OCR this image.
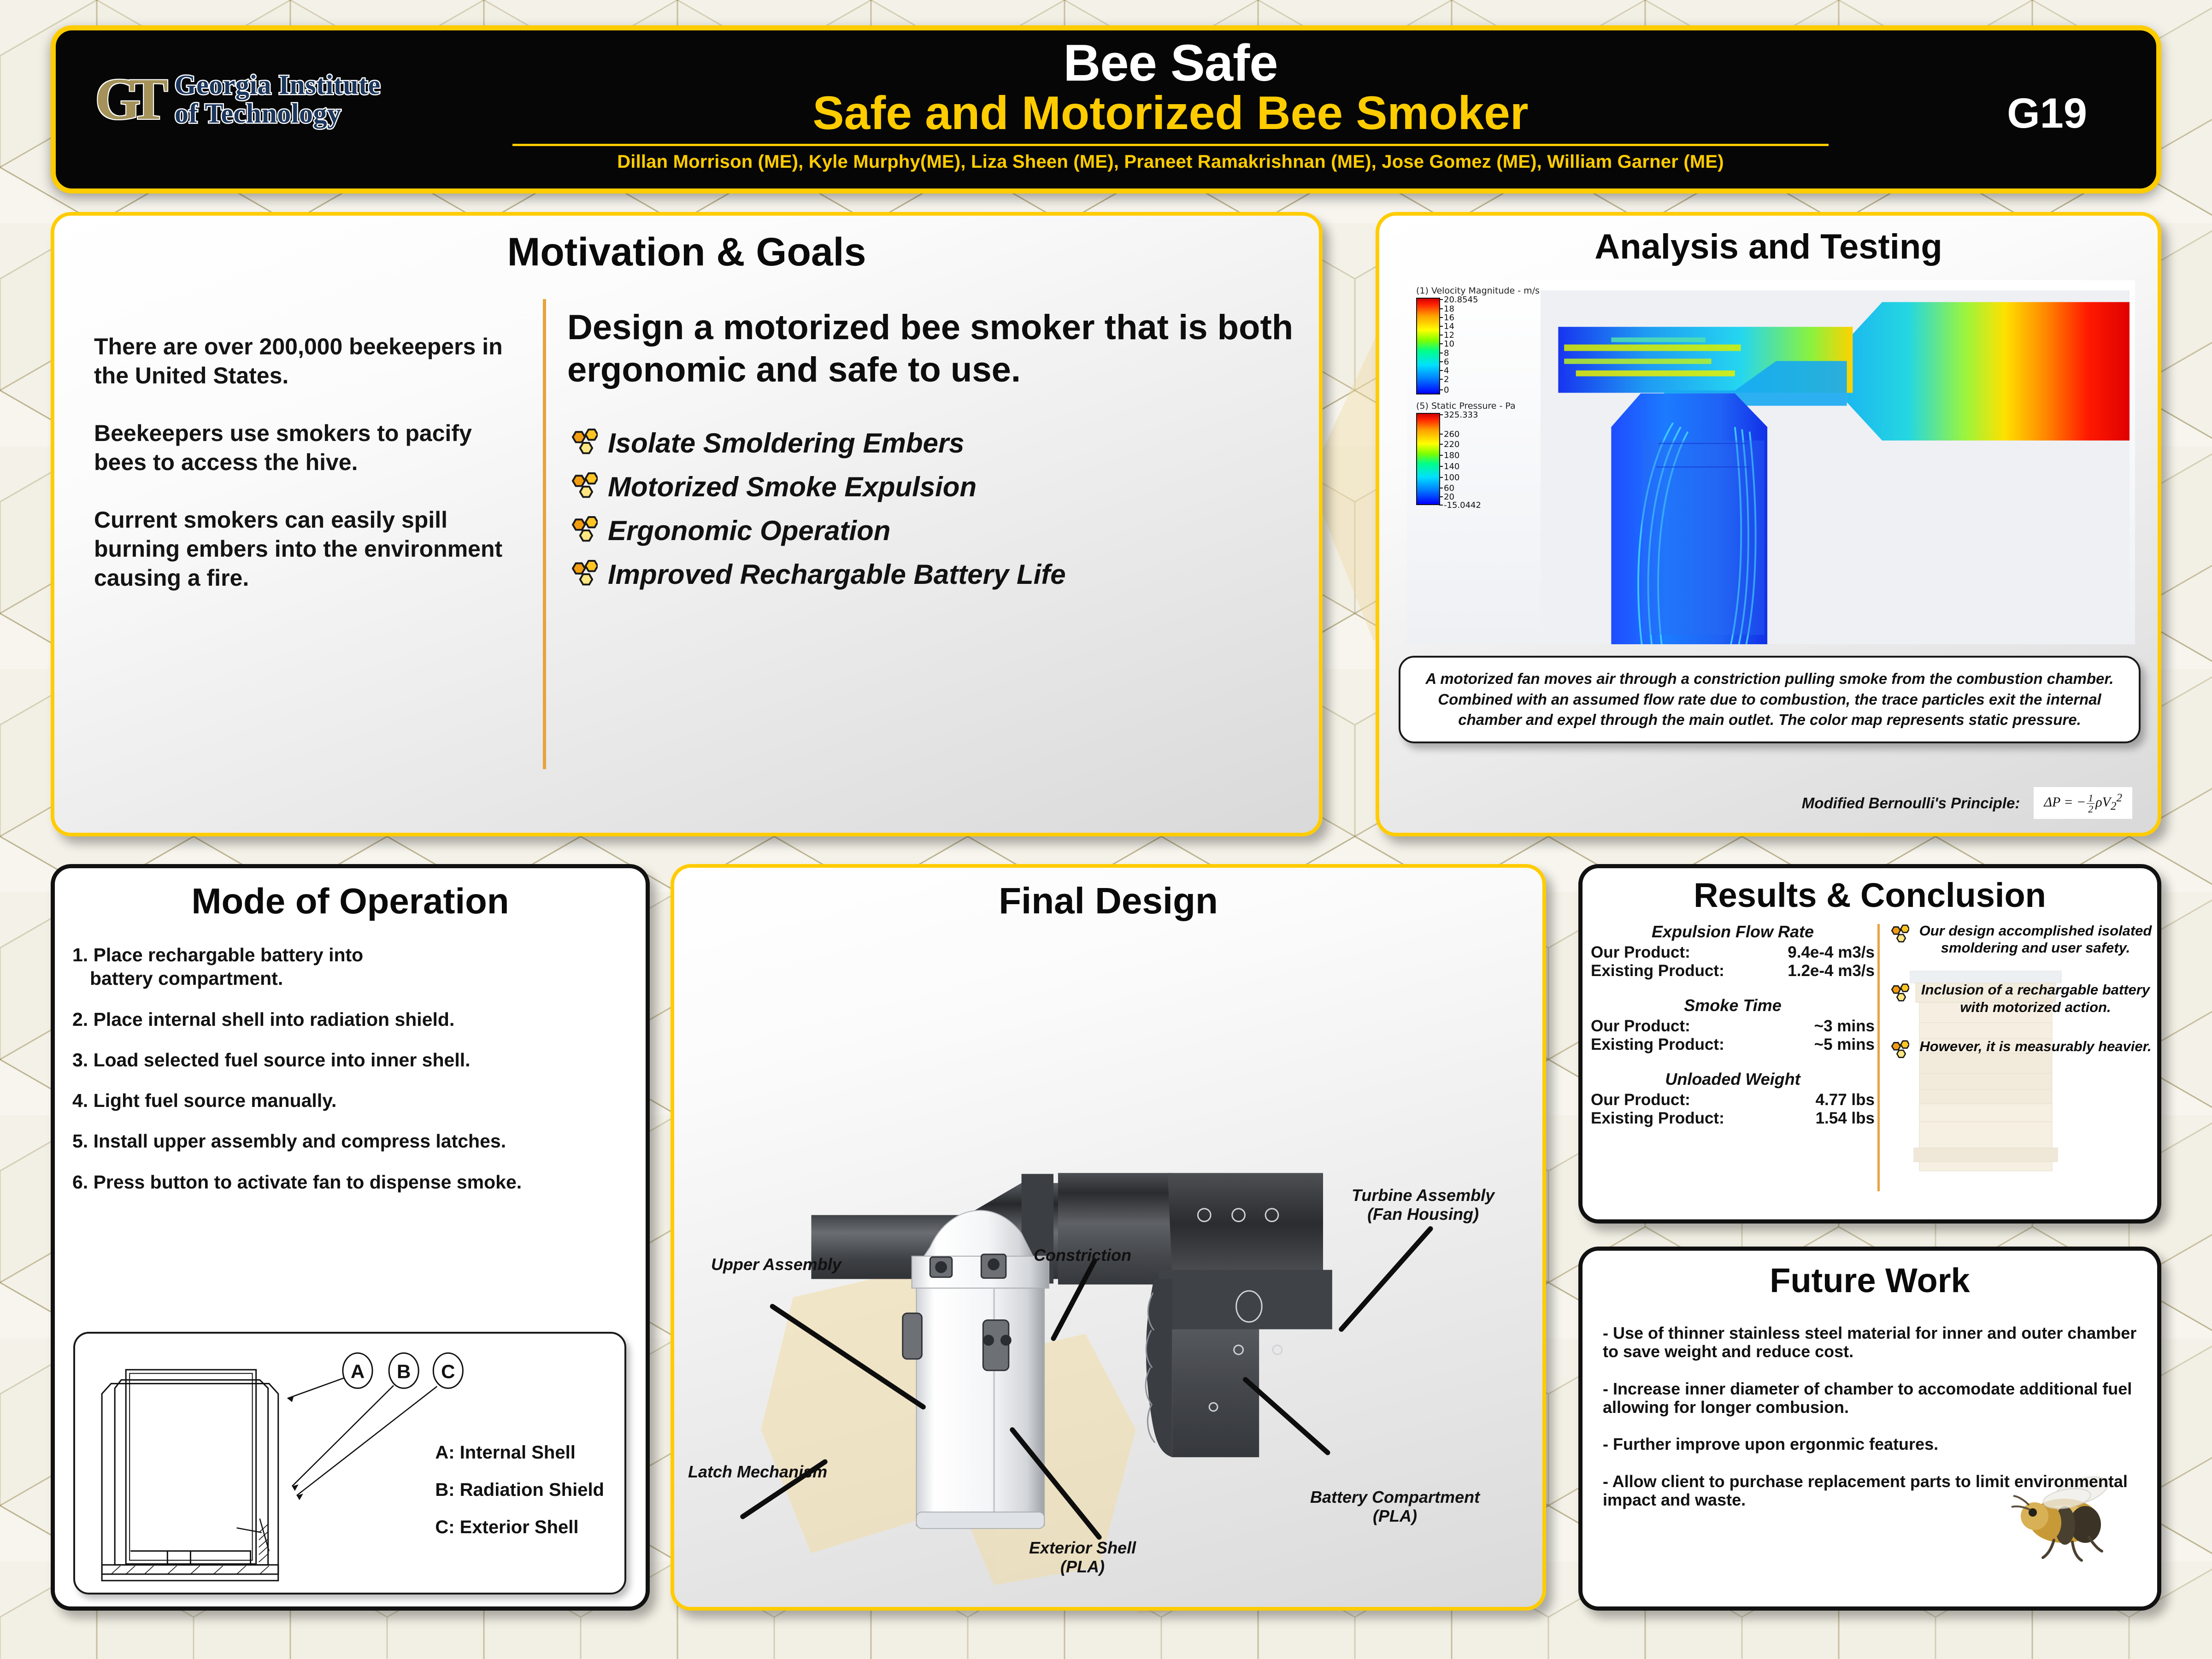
GT Georgia Institute
of Technology
Bee Safe
Safe and Motorized Bee Smoker
Dillan Morrison (ME), Kyle Murphy(ME), Liza Sheen (ME), Praneet Ramakrishnan (ME), Jose Gomez (ME), William Garner (ME)
G19
Motivation & Goals

There are over 200,000 beekeepers in the United States.

Beekeepers use smokers to pacify bees to access the hive.

Current smokers can easily spill burning embers into the environment causing a fire.

Design a motorized bee smoker that is both ergonomic and safe to use.
Isolate Smoldering Embers
Motorized Smoke Expulsion
Ergonomic Operation
Improved Rechargable Battery Life
Analysis and Testing
(1) Velocity Magnitude - m/s
20.8545
18
16
14
12
10
8
6
4
2
0
(5) Static Pressure - Pa
325.333
260
220
180
140
100
60
20
-15.0442

A motorized fan moves air through a constriction pulling smoke from the combustion chamber. Combined with an assumed flow rate due to combustion, the trace particles exit the internal chamber and expel through the main outlet. The color map represents static pressure.

Modified Bernoulli's Principle:	ΔP = − $\frac{1}{2} \rho V_2^2$
Mode of Operation
1. Place rechargable battery into
battery compartment.
2. Place internal shell into radiation shield.
3. Load selected fuel source into inner shell.
4. Light fuel source manually.
5. Install upper assembly and compress latches.
6. Press button to activate fan to dispense smoke.
A B C
A: Internal Shell
B: Radiation Shield
C: Exterior Shell
Final Design
Upper Assembly	Constriction
Turbine Assembly
(Fan Housing)
Latch Mechanism
Exterior Shell
(PLA)
Battery Compartment
(PLA)
Results & Conclusion
Expulsion Flow Rate
Our Product:	9.4e-4 m3/s
Existing Product:	1.2e-4 m3/s
Smoke Time
Our Product:	~3 mins
Existing Product:	~5 mins
Unloaded Weight
Our Product:	4.77 lbs
Existing Product:	1.54 lbs
Our design accomplished isolated smoldering and user safety.
Inclusion of a rechargable battery with motorized action.
However, it is measurably heavier.
Future Work
- Use of thinner stainless steel material for inner and outer chamber to save weight and reduce cost.
- Increase inner diameter of chamber to accomodate additional fuel allowing for longer combusion.
- Further improve upon ergonmic features.
- Allow client to purchase replacement parts to limit environmental impact and waste.
